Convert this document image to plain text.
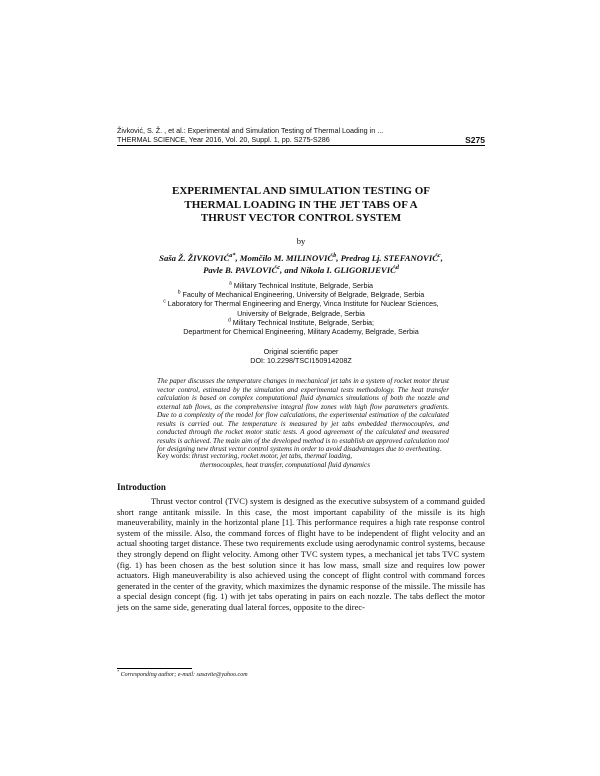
Živković, S. Ž. , et al.: Experimental and Simulation Testing of Thermal Loading in ...
THERMAL SCIENCE, Year 2016, Vol. 20, Suppl. 1, pp. S275-S286	S275
EXPERIMENTAL AND SIMULATION TESTING OF
THERMAL LOADING IN THE JET TABS OF A
THRUST VECTOR CONTROL SYSTEM
by
Saša Ž. $ŽIVKOVIĆ^{a*}$, Momčilo M. MILINOVIĆ$^b$, Predrag Lj. STEFANOVIĆ$^c$,
Pavle B. PAVLOVIĆ$^c$, and Nikola I. GLIGORIJEVIĆ$^d$
$^a$ Military Technical Institute, Belgrade, Serbia
$^b$ Faculty of Mechanical Engineering, University of Belgrade, Belgrade, Serbia
$^c$ Laboratory for Thermal Engineering and Energy, Vinca Institute for Nuclear Sciences,
University of Belgrade, Belgrade, Serbia
$^d$ Military Technical Institute, Belgrade, Serbia;
Department for Chemical Engineering, Military Academy, Belgrade, Serbia
Original scientific paper
DOI: 10.2298/TSCI150914208Z
The paper discusses the temperature changes in mechanical jet tabs in a system of rocket motor thrust vector control, estimated by the simulation and experimental tests methodology. The heat transfer calculation is based on complex computational fluid dynamics simulations of both the nozzle and external tab flows, as the comprehensive integral flow zones with high flow parameters gradients. Due to a complexity of the model for flow calculations, the experimental estimation of the calculated results is carried out. The temperature is measured by jet tabs embedded thermocouples, and conducted through the rocket motor static tests. A good agreement of the calculated and measured results is achieved. The main aim of the developed method is to establish an approved calculation tool for designing new thrust vector control systems in order to avoid disadvantages due to overheating.
Key words: thrust vectoring, rocket motor, jet tabs, thermal loading,
thermocouples, heat transfer, computational fluid dynamics
Introduction

Thrust vector control (TVC) system is designed as the executive subsystem of a command guided short range antitank missile. In this case, the most important capability of the missile is its high maneuverability, mainly in the horizontal plane [1]. This performance requires a high rate response control system of the missile. Also, the command forces of flight have to be independent of flight velocity and an actual shooting target distance. These two requirements exclude using aerodynamic control systems, because they strongly depend on flight velocity. Among other TVC system types, a mechanical jet tabs TVC system (fig. 1) has been chosen as the best solution since it has low mass, small size and requires low power actuators. High maneuverability is also achieved using the concept of flight control with command forces generated in the center of the gravity, which maximizes the dynamic response of the missile. The missile has a special design concept (fig. 1) with jet tabs operating in pairs on each nozzle. The tabs deflect the motor jets on the same side, generating dual lateral forces, opposite to the direc-

* Corresponding author; e-mail: sasavite@yahoo.com
